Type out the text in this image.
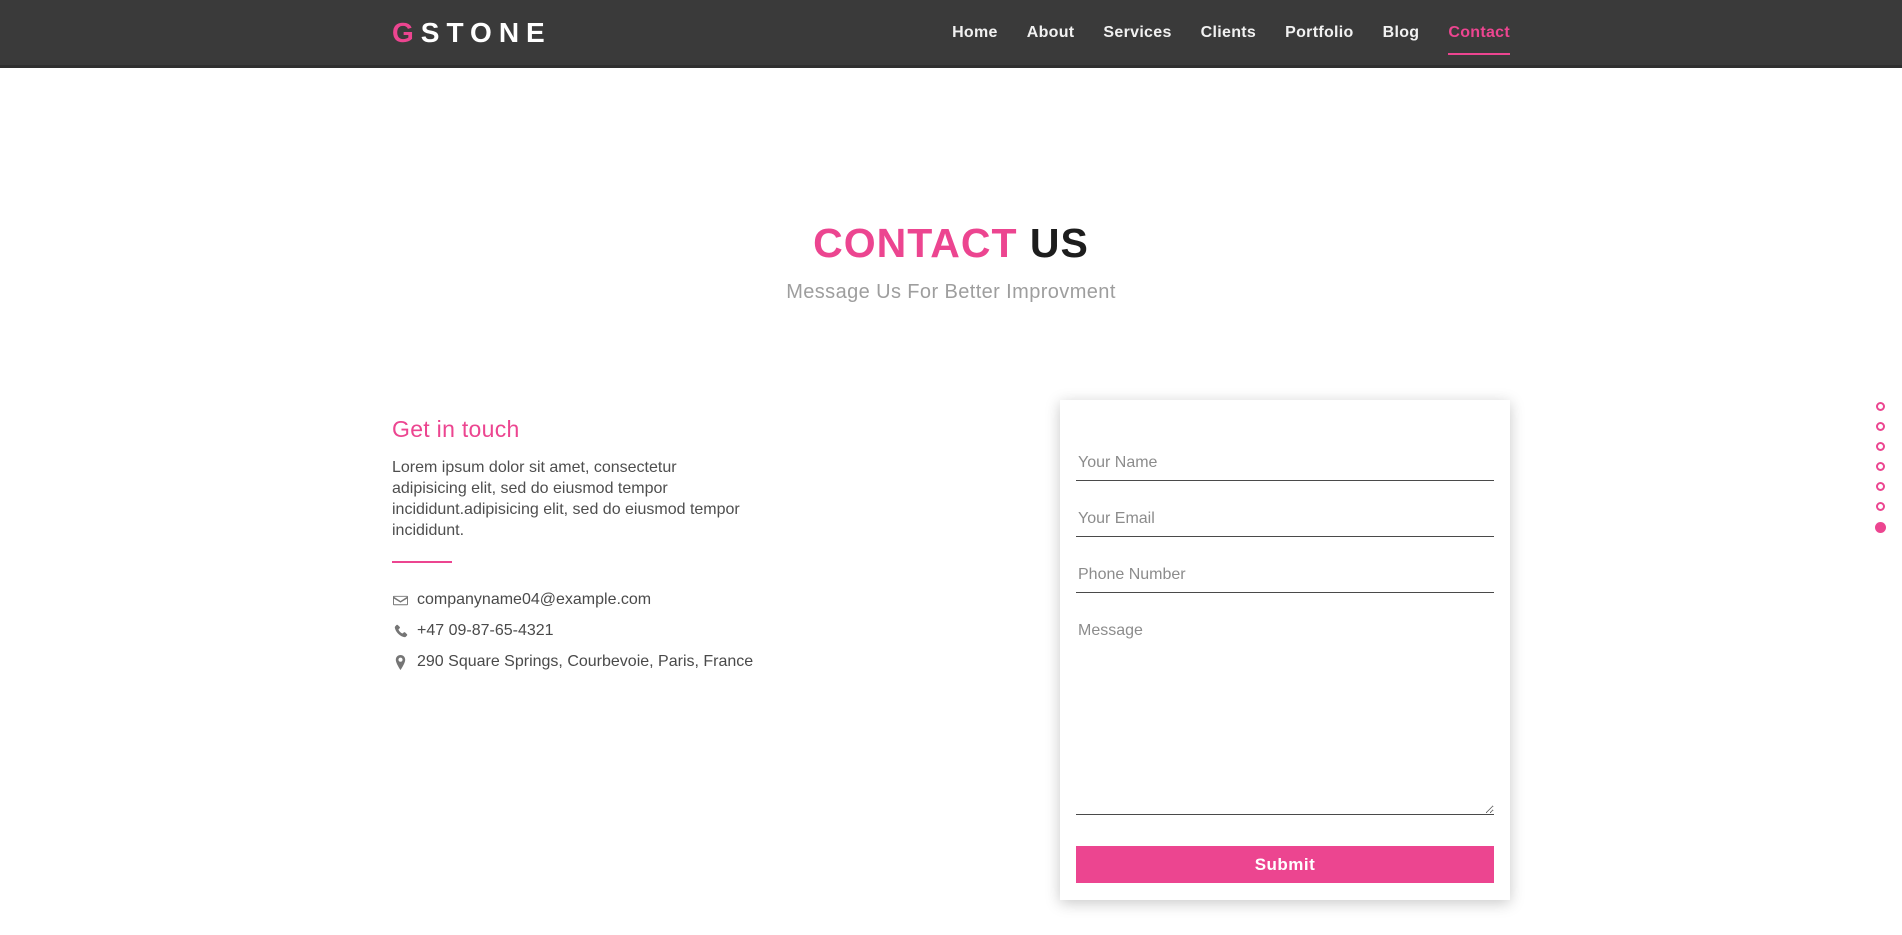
GSTONE	Home About Services Clients Portfolio Blog Contact
CONTACT US

Message Us For Better Improvment

Get in touch

Lorem ipsum dolor sit amet, consectetur adipisicing elit, sed do eiusmod tempor incididunt.adipisicing elit, sed do eiusmod tempor incididunt.

companyname04@example.com
+47 09-87-65-4321
290 Square Springs, Courbevoie, Paris, France
Your Name
Your Email
Phone Number
Message
Submit
